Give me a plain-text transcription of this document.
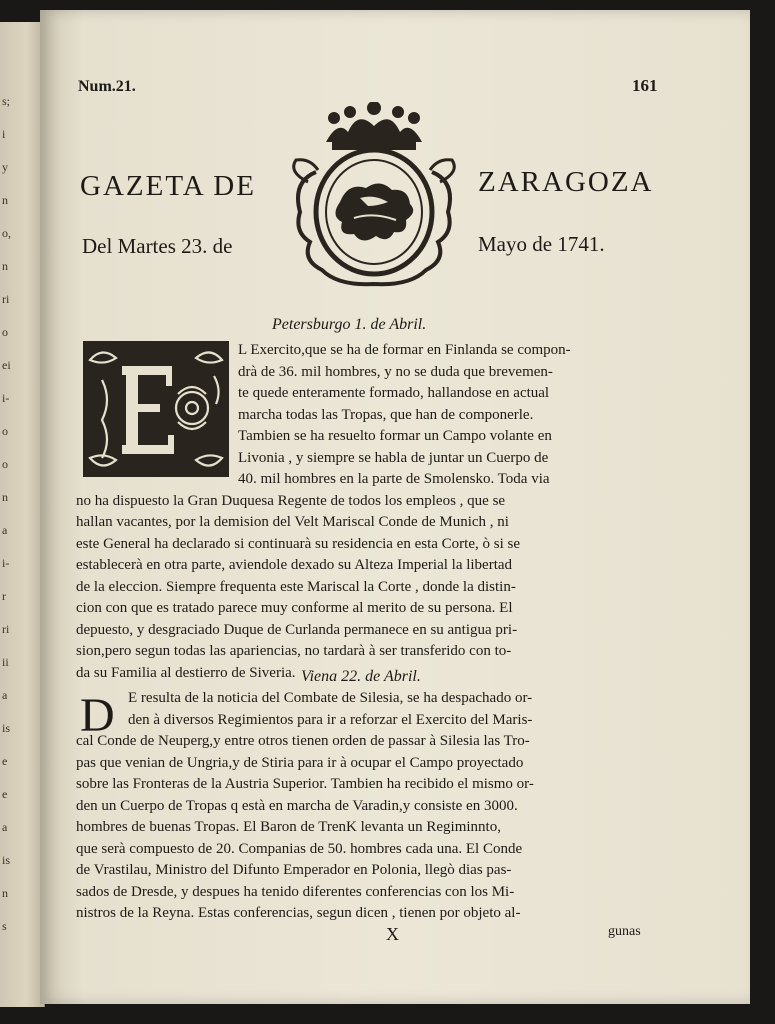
s;
i
y
n
o,
n
ri
o
ei
i-
o
o
n
a
i-
r
ri
ii
a
is
e
e
a
is
n
s
Num.21.	161
GAZETA DE	ZARAGOZA
Del Martes 23. de	Mayo de 1741.
Petersburgo 1. de Abril.
L Exercito,que se ha de formar en Finlanda se compon-
drà de 36. mil hombres, y no se duda que brevemen-
te quede enteramente formado, hallandose en actual
marcha todas las Tropas, que han de componerle.
Tambien se ha resuelto formar un Campo volante en
Livonia , y siempre se habla de juntar un Cuerpo de
40. mil hombres en la parte de Smolensko. Toda via
no ha dispuesto la Gran Duquesa Regente de todos los empleos , que se
hallan vacantes, por la demision del Velt Mariscal Conde de Munich , ni
este General ha declarado si continuarà su residencia en esta Corte, ò si se
establecerà en otra parte, aviendole dexado su Alteza Imperial la libertad
de la eleccion. Siempre frequenta este Mariscal la Corte , donde la distin-
cion con que es tratado parece muy conforme al merito de su persona. El
depuesto, y desgraciado Duque de Curlanda permanece en su antigua pri-
sion,pero segun todas las apariencias, no tardarà à ser transferido con to-
da su Familia al destierro de Siveria. Viena 22. de Abril.
D E resulta de la noticia del Combate de Silesia, se ha despachado or-
den à diversos Regimientos para ir a reforzar el Exercito del Maris-
cal Conde de Neuperg,y entre otros tienen orden de passar à Silesia las Tro-
pas que venian de Ungria,y de Stiria para ir à ocupar el Campo proyectado
sobre las Fronteras de la Austria Superior. Tambien ha recibido el mismo or-
den un Cuerpo de Tropas q està en marcha de Varadin,y consiste en 3000.
hombres de buenas Tropas. El Baron de TrenK levanta un Regiminnto,
que serà compuesto de 20. Companias de 50. hombres cada una. El Conde
de Vrastilau, Ministro del Difunto Emperador en Polonia, llegò dias pas-
sados de Dresde, y despues ha tenido diferentes conferencias con los Mi-
nistros de la Reyna. Estas conferencias, segun dicen , tienen por objeto al-
X	gunas
